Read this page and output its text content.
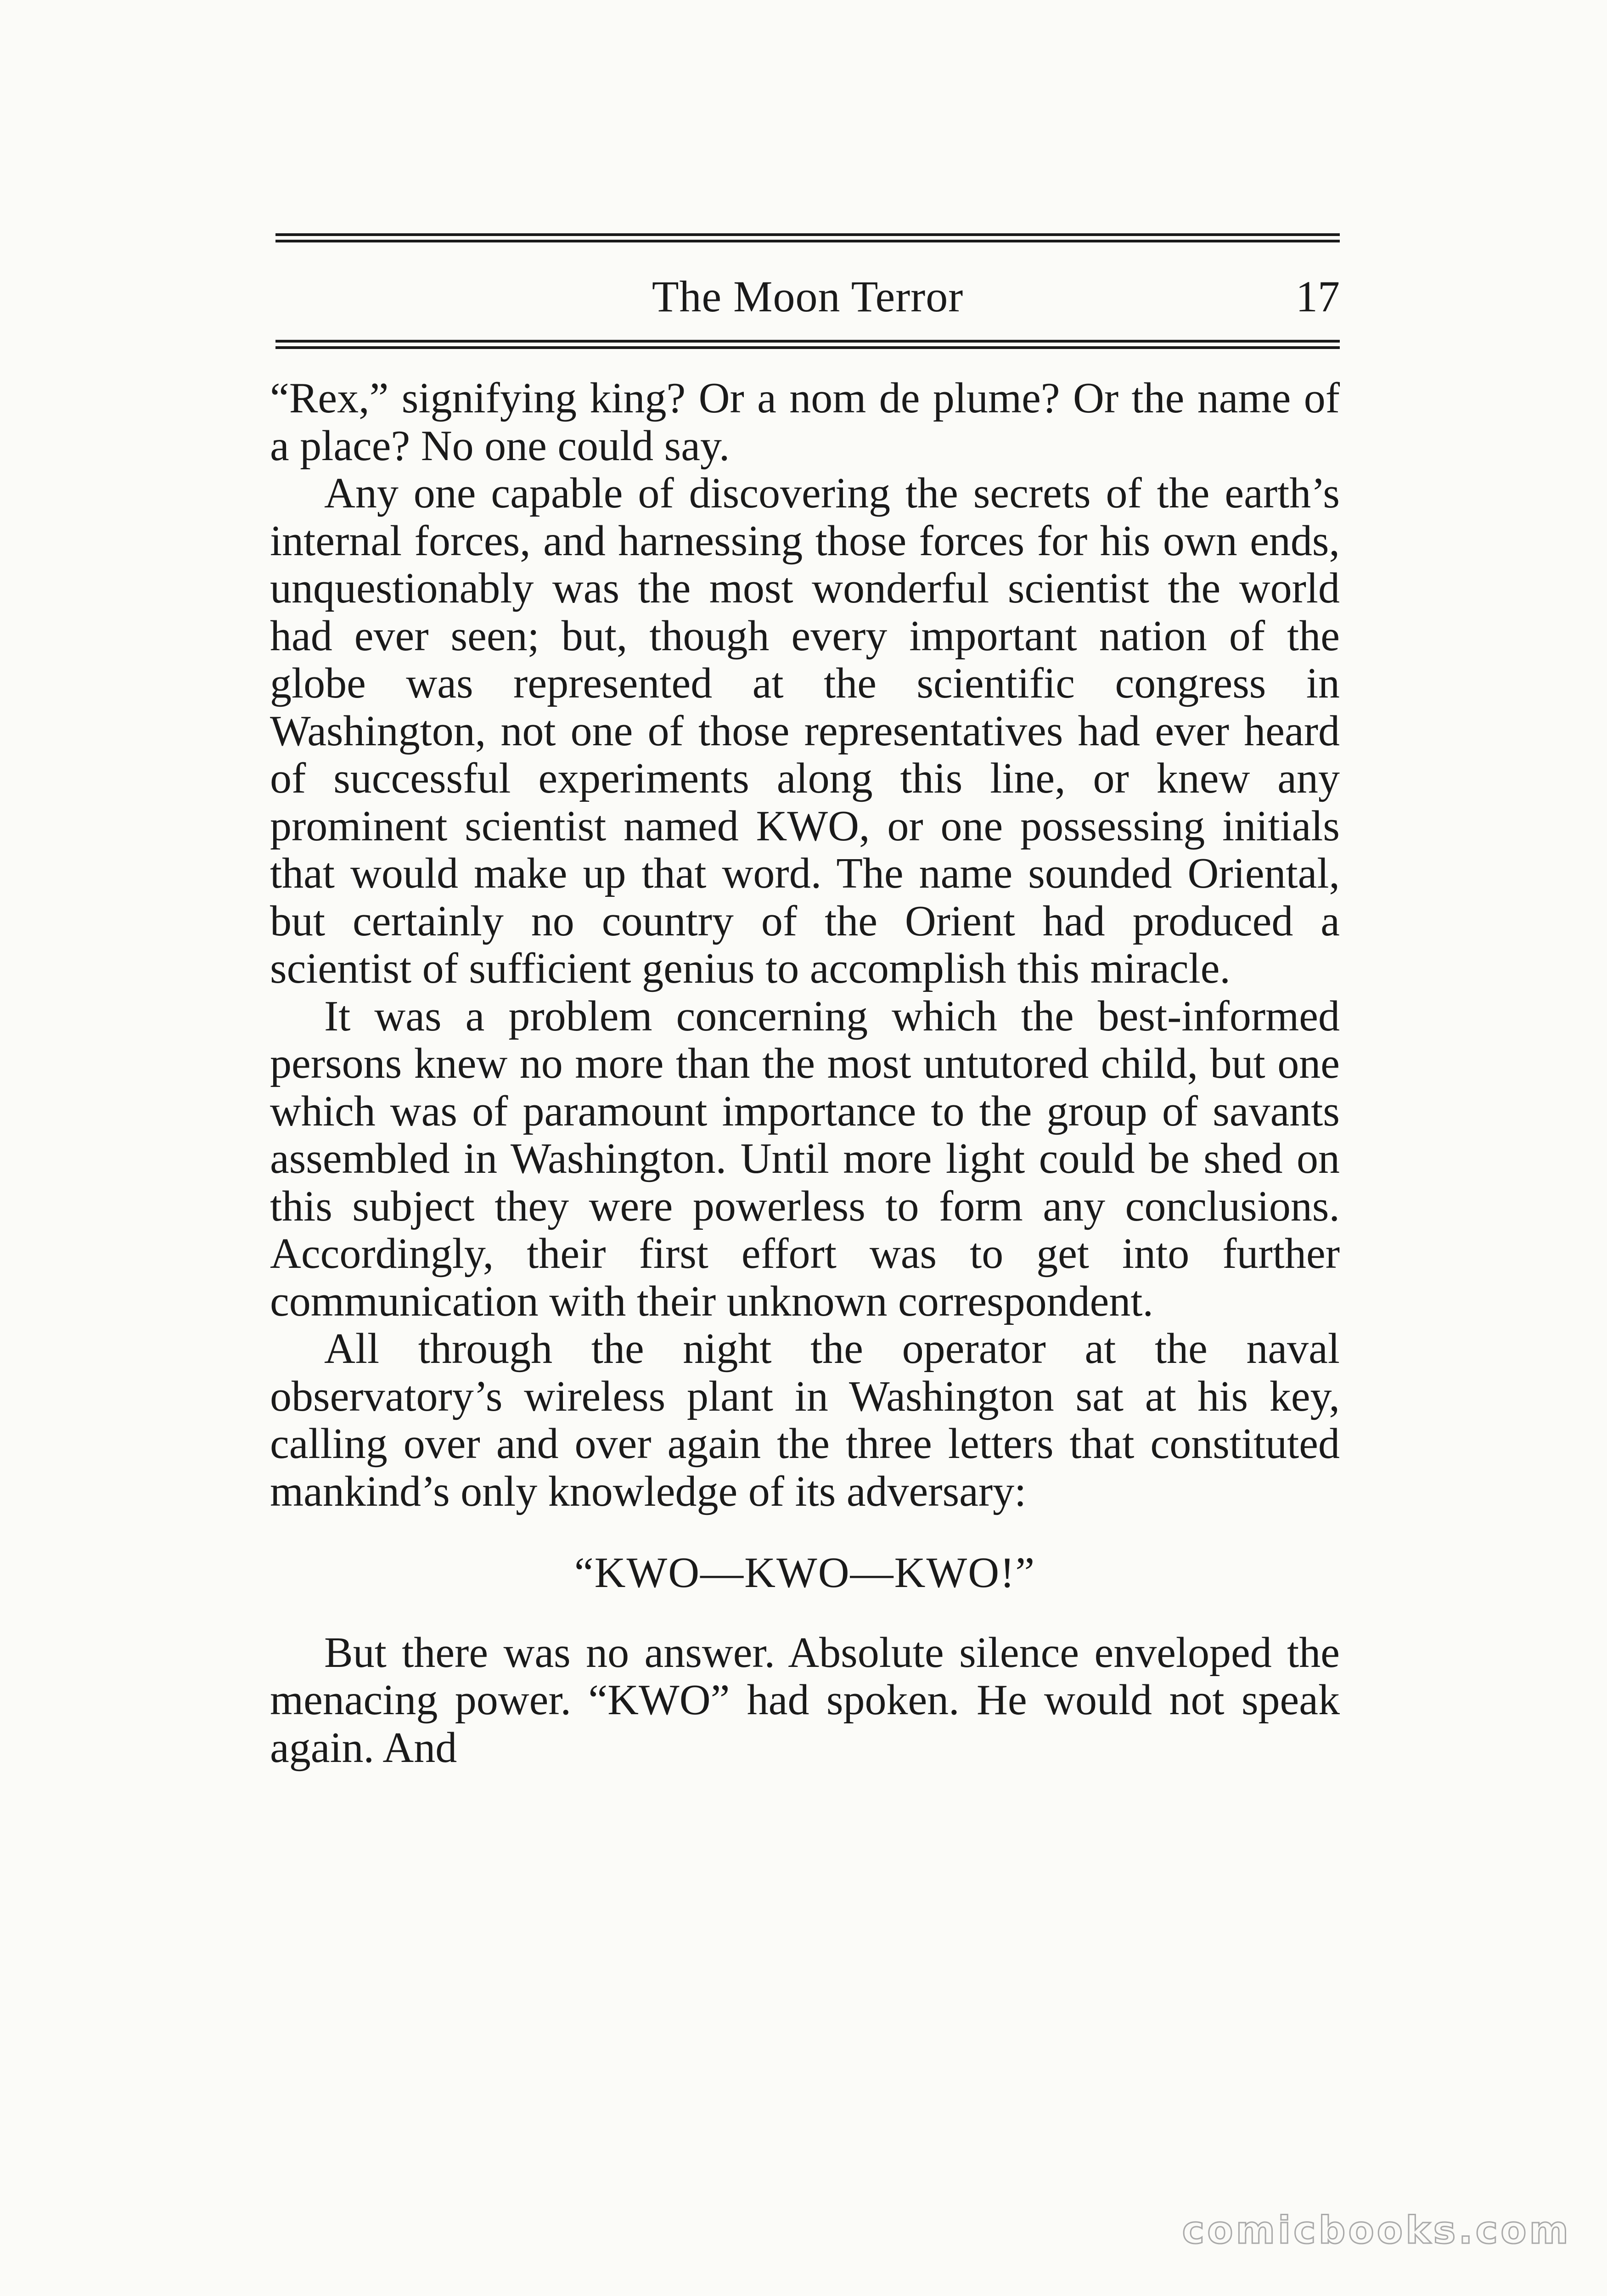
The Moon Terror	17

“Rex,” signifying king? Or a nom de plume? Or the name of a place? No one could say.

Any one capable of discovering the secrets of the earth’s internal forces, and harnessing those forces for his own ends, unquestionably was the most wonderful scientist the world had ever seen; but, though every important nation of the globe was represented at the scientific congress in Washington, not one of those representatives had ever heard of successful experiments along this line, or knew any prominent scientist named KWO, or one possessing initials that would make up that word. The name sounded Oriental, but certainly no country of the Orient had produced a scientist of sufficient genius to accomplish this miracle.

It was a problem concerning which the best-informed persons knew no more than the most untutored child, but one which was of paramount importance to the group of savants assembled in Washington. Until more light could be shed on this subject they were powerless to form any conclusions. Accordingly, their first effort was to get into further communication with their unknown correspondent.

All through the night the operator at the naval observatory’s wireless plant in Washington sat at his key, calling over and over again the three letters that constituted mankind’s only knowledge of its adversary:

“KWO—KWO—KWO!”

But there was no answer. Absolute silence enveloped the menacing power. “KWO” had spoken. He would not speak again. And

comicbooks.com
